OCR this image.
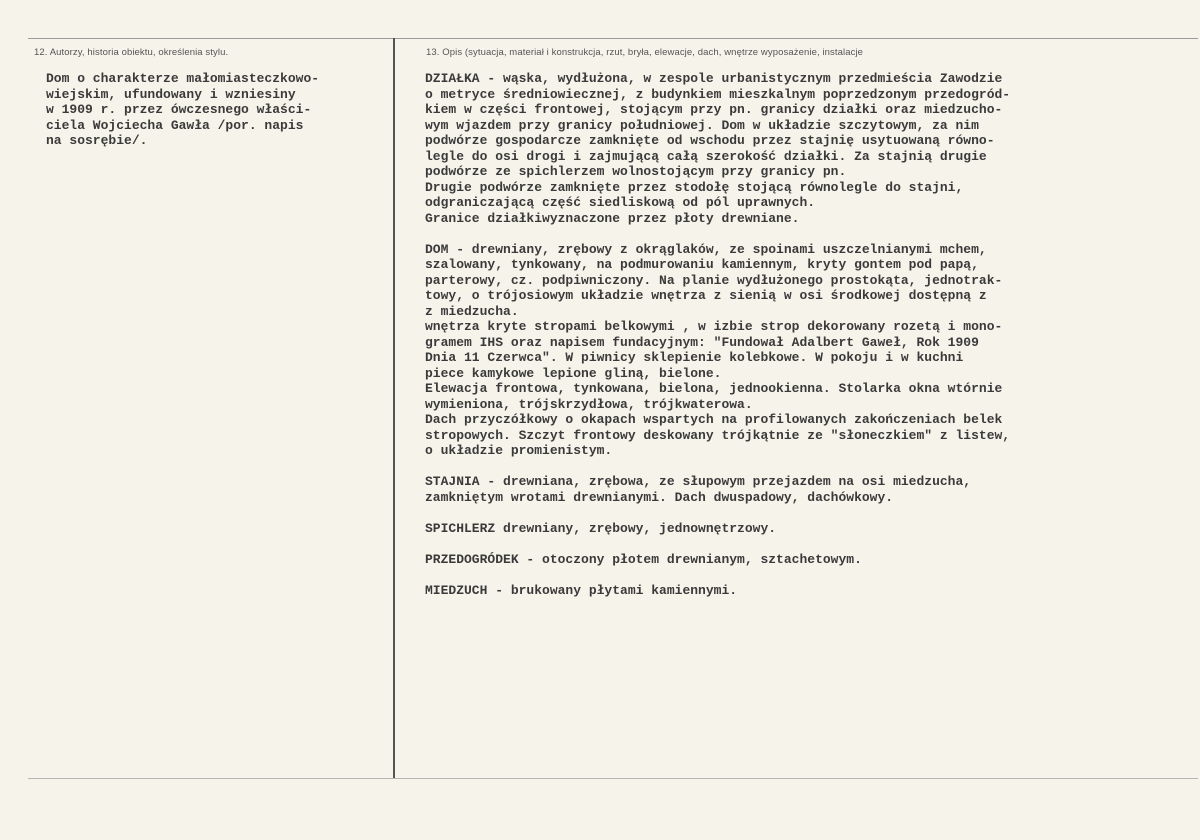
12. Autorzy, historia obiektu, określenia stylu.	13. Opis (sytuacja, materiał i konstrukcja, rzut, bryła, elewacje, dach, wnętrze wyposażenie, instalacje

Dom o charakterze małomiasteczkowo-

wiejskim, ufundowany i wzniesiny

w 1909 r. przez ówczesnego właści-

ciela Wojciecha Gawła /por. napis

na sosrębie/.

DZIAŁKA - wąska, wydłużona, w zespole urbanistycznym przedmieścia Zawodzie

o metryce średniowiecznej, z budynkiem mieszkalnym poprzedzonym przedogród-

kiem w części frontowej, stojącym przy pn. granicy działki oraz miedzucho-

wym wjazdem przy granicy południowej. Dom w układzie szczytowym, za nim

podwórze gospodarcze zamknięte od wschodu przez stajnię usytuowaną równo-

legle do osi drogi i zajmującą całą szerokość działki. Za stajnią drugie

podwórze ze spichlerzem wolnostojącym przy granicy pn.

Drugie podwórze zamknięte przez stodołę stojącą równolegle do stajni,

odgraniczającą część siedliskową od pól uprawnych.

Granice działkiwyznaczone przez płoty drewniane.

DOM - drewniany, zrębowy z okrąglaków, ze spoinami uszczelnianymi mchem,

szalowany, tynkowany, na podmurowaniu kamiennym, kryty gontem pod papą,

parterowy, cz. podpiwniczony. Na planie wydłużonego prostokąta, jednotrak-

towy, o trójosiowym układzie wnętrza z sienią w osi środkowej dostępną z

z miedzucha.

wnętrza kryte stropami belkowymi , w izbie strop dekorowany rozetą i mono-

gramem IHS oraz napisem fundacyjnym: "Fundował Adalbert Gaweł, Rok 1909

Dnia 11 Czerwca". W piwnicy sklepienie kolebkowe. W pokoju i w kuchni

piece kamykowe lepione gliną, bielone.

Elewacja frontowa, tynkowana, bielona, jednookienna. Stolarka okna wtórnie

wymieniona, trójskrzydłowa, trójkwaterowa.

Dach przyczółkowy o okapach wspartych na profilowanych zakończeniach belek

stropowych. Szczyt frontowy deskowany trójkątnie ze "słoneczkiem" z listew,

o układzie promienistym.

STAJNIA - drewniana, zrębowa, ze słupowym przejazdem na osi miedzucha,

zamkniętym wrotami drewnianymi. Dach dwuspadowy, dachówkowy.

SPICHLERZ drewniany, zrębowy, jednownętrzowy.

PRZEDOGRÓDEK - otoczony płotem drewnianym, sztachetowym.

MIEDZUCH - brukowany płytami kamiennymi.
